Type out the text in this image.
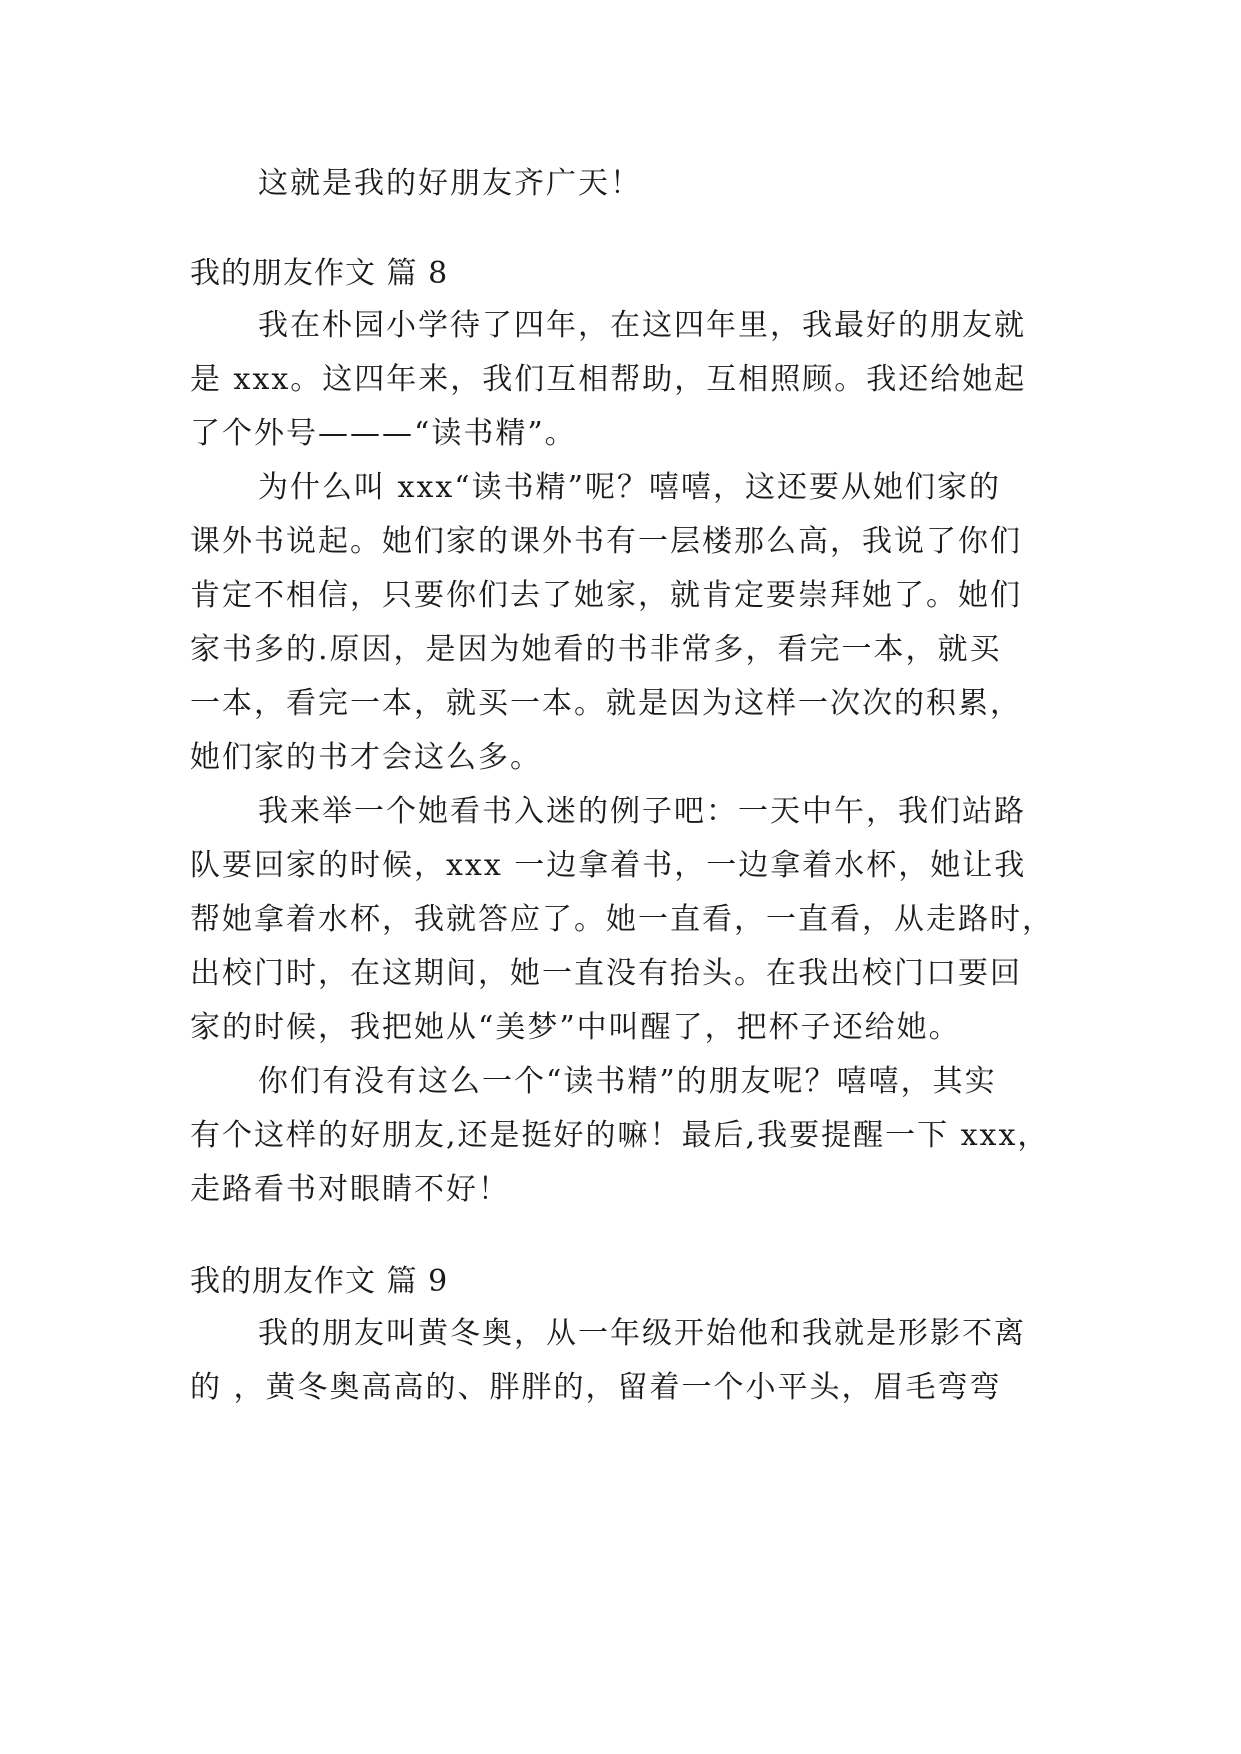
这就是我的好朋友齐广天！
我的朋友作文 篇 8
我在朴园小学待了四年，在这四年里，我最好的朋友就
是 xxx。这四年来，我们互相帮助，互相照顾。我还给她起
了个外号———“读书精”。
为什么叫 xxx“读书精”呢？嘻嘻，这还要从她们家的
课外书说起。她们家的课外书有一层楼那么高，我说了你们
肯定不相信，只要你们去了她家，就肯定要崇拜她了。她们
家书多的.原因，是因为她看的书非常多，看完一本，就买
一本，看完一本，就买一本。就是因为这样一次次的积累，
她们家的书才会这么多。
我来举一个她看书入迷的例子吧：一天中午，我们站路
队要回家的时候，xxx 一边拿着书，一边拿着水杯，她让我
帮她拿着水杯，我就答应了。她一直看，一直看，从走路时，
出校门时，在这期间，她一直没有抬头。在我出校门口要回
家的时候，我把她从“美梦”中叫醒了，把杯子还给她。
你们有没有这么一个“读书精”的朋友呢？嘻嘻，其实
有个这样的好朋友,还是挺好的嘛！最后,我要提醒一下 xxx，
走路看书对眼睛不好！
我的朋友作文 篇 9
我的朋友叫黄冬奥，从一年级开始他和我就是形影不离
的 ，黄冬奥高高的、胖胖的，留着一个小平头，眉毛弯弯
